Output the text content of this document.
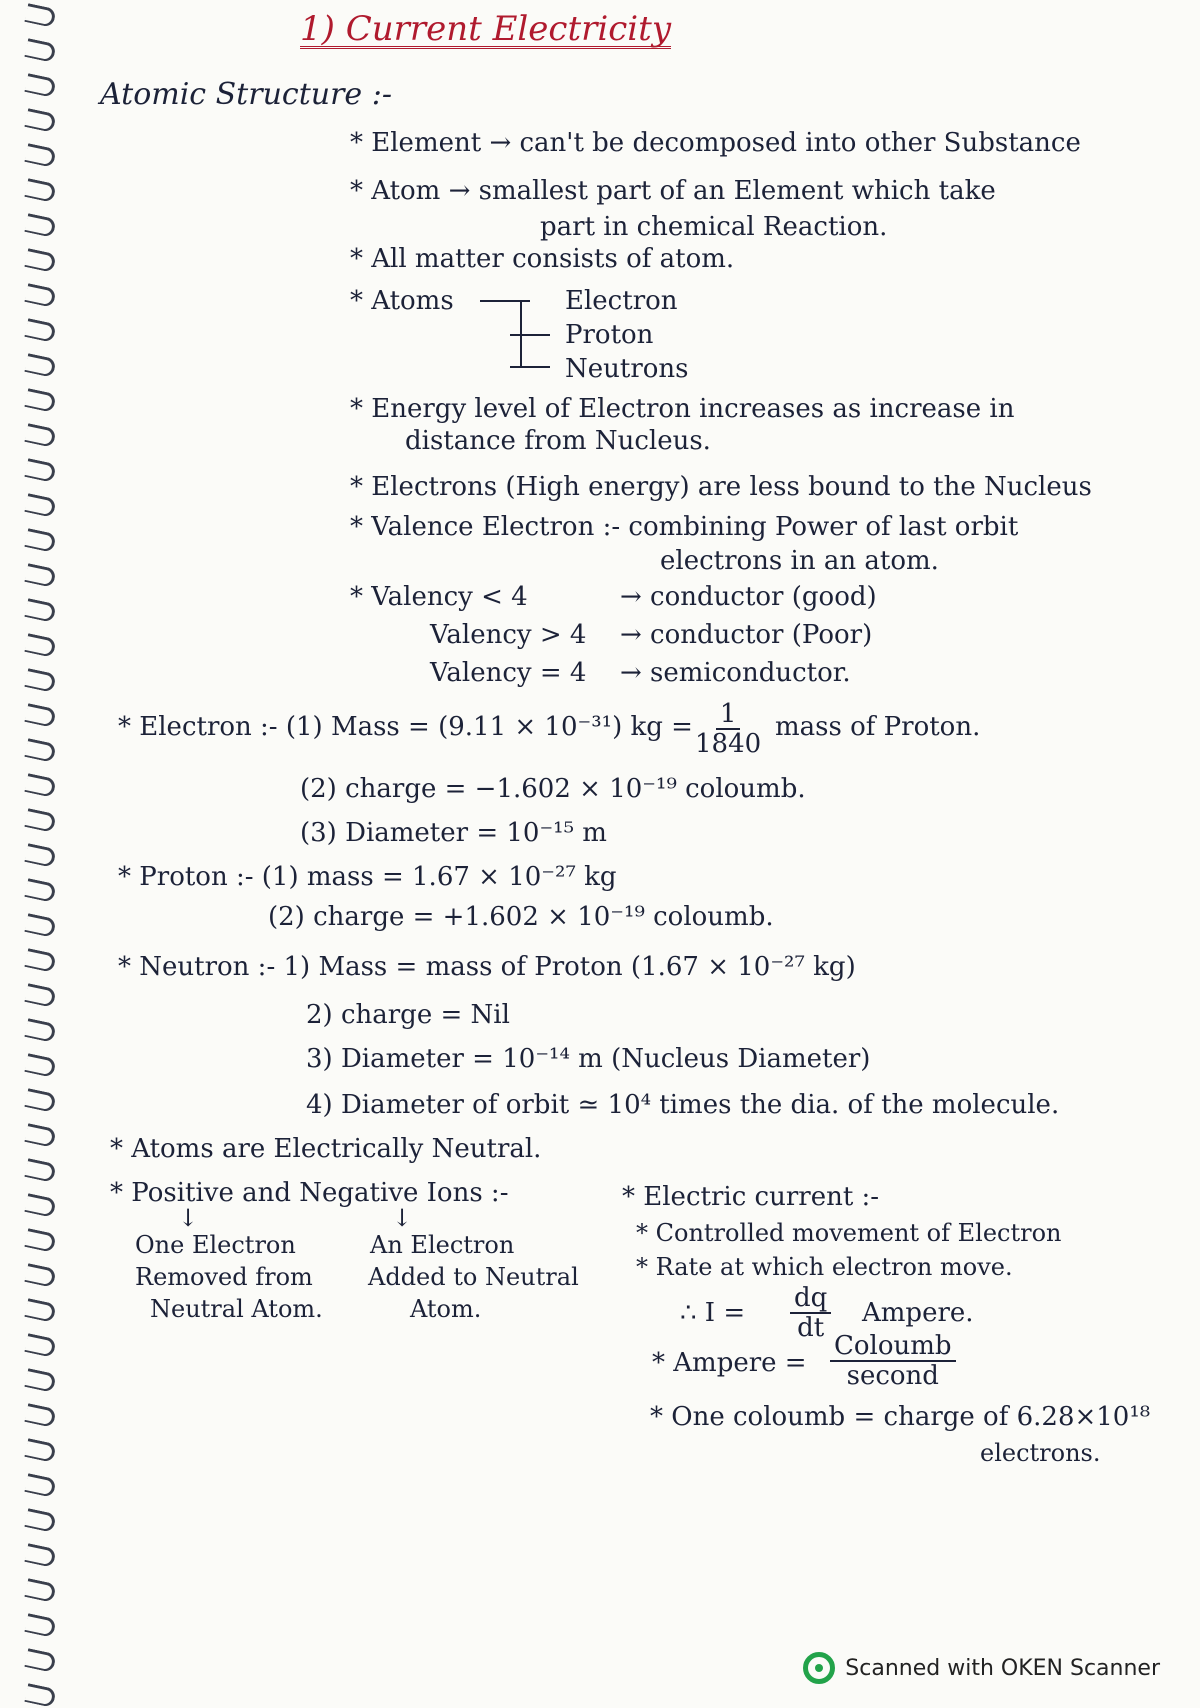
1) Current Electricity
Atomic Structure :-
* Element → can't be decomposed into other Substance
* Atom → smallest part of an Element which take
part in chemical Reaction.
* All matter consists of atom.
* Atoms	Electron
Proton
Neutrons
* Energy level of Electron increases as increase in
distance from Nucleus.
* Electrons (High energy) are less bound to the Nucleus
* Valence Electron :- combining Power of last orbit
electrons in an atom.
* Valency < 4	→ conductor (good)
Valency > 4 → conductor (Poor)
Valency = 4 → semiconductor.
* Electron :- (1) Mass = (9.11 × 10⁻³¹) kg = $\frac{1}{1840}$ mass of Proton.
(2) charge = −1.602 × 10⁻¹⁹ coloumb.
(3) Diameter = 10⁻¹⁵ m
* Proton :- (1) mass = 1.67 × 10⁻²⁷ kg
(2) charge = +1.602 × 10⁻¹⁹ coloumb.
* Neutron :- 1) Mass = mass of Proton (1.67 × 10⁻²⁷ kg)
2) charge = Nil
3) Diameter = 10⁻¹⁴ m (Nucleus Diameter)
4) Diameter of orbit ≃ 10⁴ times the dia. of the molecule.
* Atoms are Electrically Neutral.
* Positive and Negative Ions :-
↓	↓
One Electron
Removed from
Neutral Atom.
An Electron
Added to Neutral
Atom.
* Electric current :-
* Controlled movement of Electron
* Rate at which electron move.
∴ $I = \frac{dq}{dt}$ Ampere.
* Ampere =
Coloumb
second
* One coloumb = charge of 6.28×10¹⁸
electrons.
Scanned with OKEN Scanner
